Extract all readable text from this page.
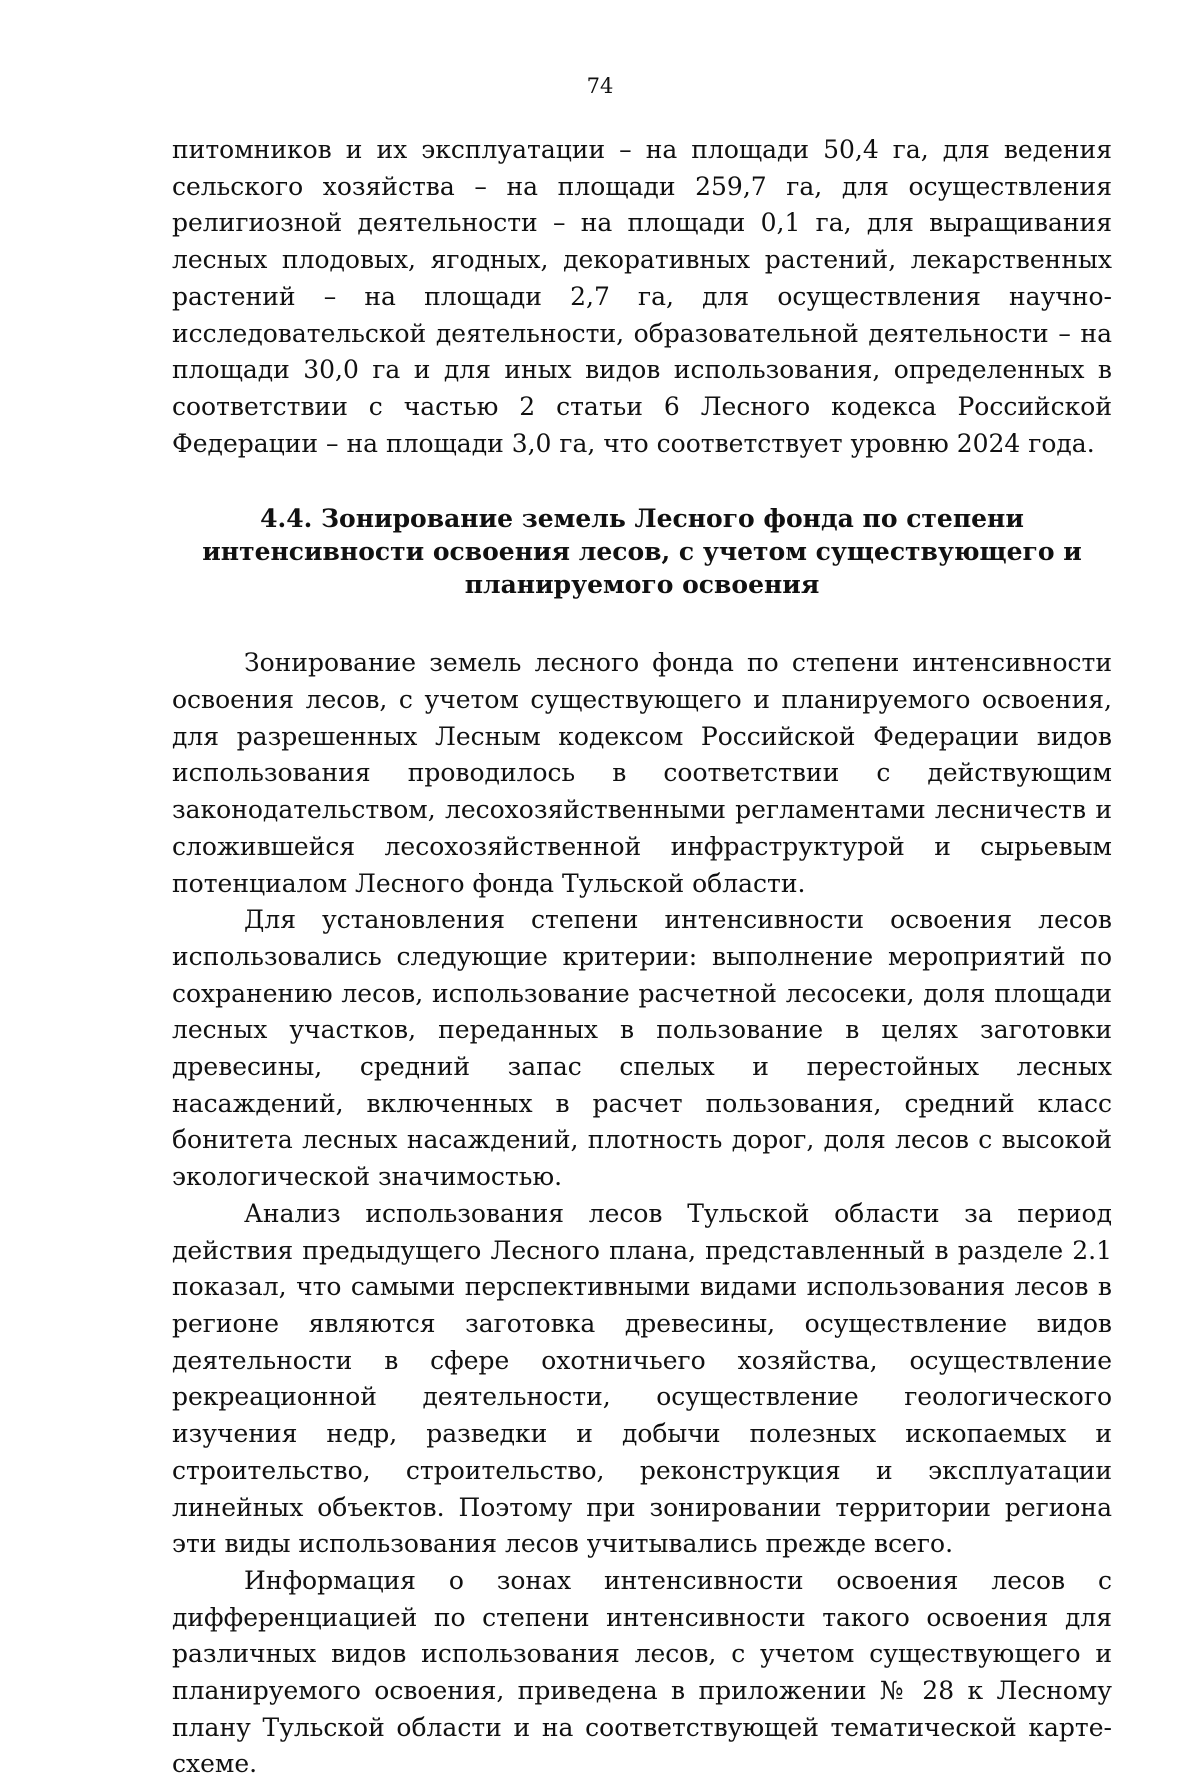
74

питомников и их эксплуатации – на площади 50,4 га, для ведения сельского хозяйства – на площади 259,7 га, для осуществления религиозной деятельности – на площади 0,1 га, для выращивания лесных плодовых, ягодных, декоративных растений, лекарственных растений – на площади 2,7 га, для осуществления научно-исследовательской деятельности, образовательной деятельности – на площади 30,0 га и для иных видов использования, определенных в соответствии с частью 2 статьи 6 Лесного кодекса Российской Федерации – на площади 3,0 га, что соответствует уровню 2024 года.

4.4. Зонирование земель Лесного фонда по степени интенсивности освоения лесов, с учетом существующего и планируемого освоения

Зонирование земель лесного фонда по степени интенсивности освоения лесов, с учетом существующего и планируемого освоения, для разрешенных Лесным кодексом Российской Федерации видов использования проводилось в соответствии с действующим законодательством, лесохозяйственными регламентами лесничеств и сложившейся лесохозяйственной инфраструктурой и сырьевым потенциалом Лесного фонда Тульской области.

Для установления степени интенсивности освоения лесов использовались следующие критерии: выполнение мероприятий по сохранению лесов, использование расчетной лесосеки, доля площади лесных участков, переданных в пользование в целях заготовки древесины, средний запас спелых и перестойных лесных насаждений, включенных в расчет пользования, средний класс бонитета лесных насаждений, плотность дорог, доля лесов с высокой экологической значимостью.

Анализ использования лесов Тульской области за период действия предыдущего Лесного плана, представленный в разделе 2.1 показал, что самыми перспективными видами использования лесов в регионе являются заготовка древесины, осуществление видов деятельности в сфере охотничьего хозяйства, осуществление рекреационной деятельности, осуществление геологического изучения недр, разведки и добычи полезных ископаемых и строительство, строительство, реконструкция и эксплуатации линейных объектов. Поэтому при зонировании территории региона эти виды использования лесов учитывались прежде всего.

Информация о зонах интенсивности освоения лесов с дифференциацией по степени интенсивности такого освоения для различных видов использования лесов, с учетом существующего и планируемого освоения, приведена в приложении № 28 к Лесному плану Тульской области и на соответствующей тематической карте-схеме.
